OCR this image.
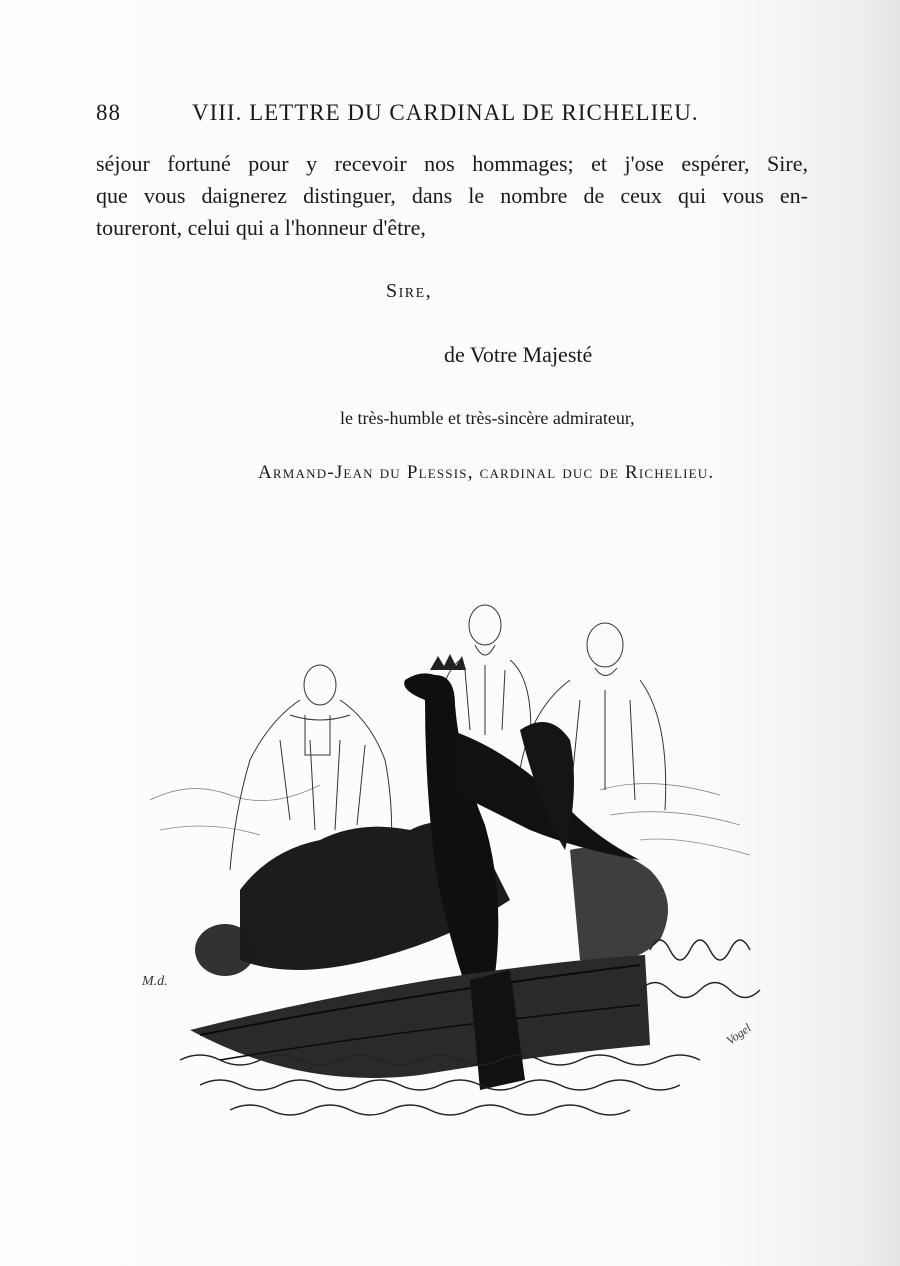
88	VIII. LETTRE DU CARDINAL DE RICHELIEU.
séjour fortuné pour y recevoir nos hommages; et j'ose espérer, Sire,
que vous daignerez distinguer, dans le nombre de ceux qui vous en-
toureront, celui qui a l'honneur d'être,
Sire,
de Votre Majesté
le très-humble et très-sincère admirateur,
Armand-Jean du Plessis, cardinal duc de Richelieu.
M.d.
Vogel
